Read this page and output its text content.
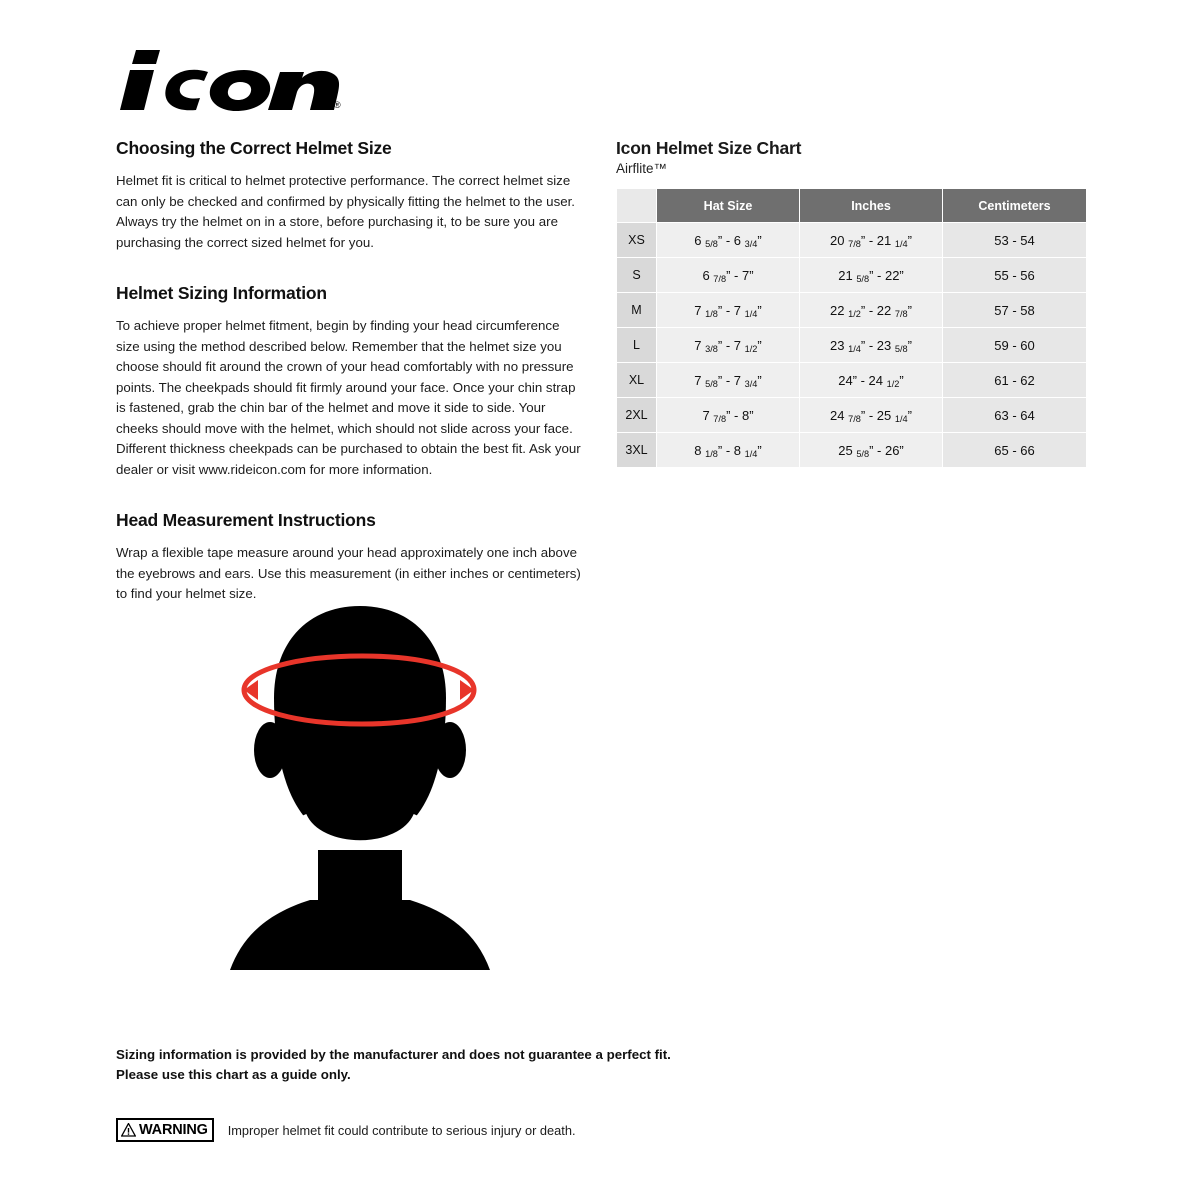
®
Choosing the Correct Helmet Size

Helmet fit is critical to helmet protective performance. The correct helmet size can only be checked and confirmed by physically fitting the helmet to the user. Always try the helmet on in a store, before purchasing it, to be sure you are purchasing the correct sized helmet for you.

Helmet Sizing Information

To achieve proper helmet fitment, begin by finding your head circumference size using the method described below. Remember that the helmet size you choose should fit around the crown of your head comfortably with no pressure points. The cheekpads should fit firmly around your face. Once your chin strap is fastened, grab the chin bar of the helmet and move it side to side. Your cheeks should move with the helmet, which should not slide across your face. Different thickness cheekpads can be purchased to obtain the best fit. Ask your dealer or visit www.rideicon.com for more information.

Head Measurement Instructions

Wrap a flexible tape measure around your head approximately one inch above the eyebrows and ears. Use this measurement (in either inches or centimeters) to find your helmet size.

Icon Helmet Size Chart
Airflite™
	Hat Size	Inches	Centimeters
XS	6 5/8” - 6 3/4”	20 7/8” - 21 1/4”	53 - 54
S	6 7/8” - 7”	21 5/8” - 22”	55 - 56
M	7 1/8” - 7 1/4”	22 1/2” - 22 7/8”	57 - 58
L	7 3/8” - 7 1/2”	23 1/4” - 23 5/8”	59 - 60
XL	7 5/8” - 7 3/4”	24” - 24 1/2”	61 - 62
2XL	7 7/8” - 8”	24 7/8” - 25 1/4”	63 - 64
3XL	8 1/8” - 8 1/4”	25 5/8” - 26”	65 - 66
Sizing information is provided by the manufacturer and does not guarantee a perfect fit. Please use this chart as a guide only.
WARNING Improper helmet fit could contribute to serious injury or death.
